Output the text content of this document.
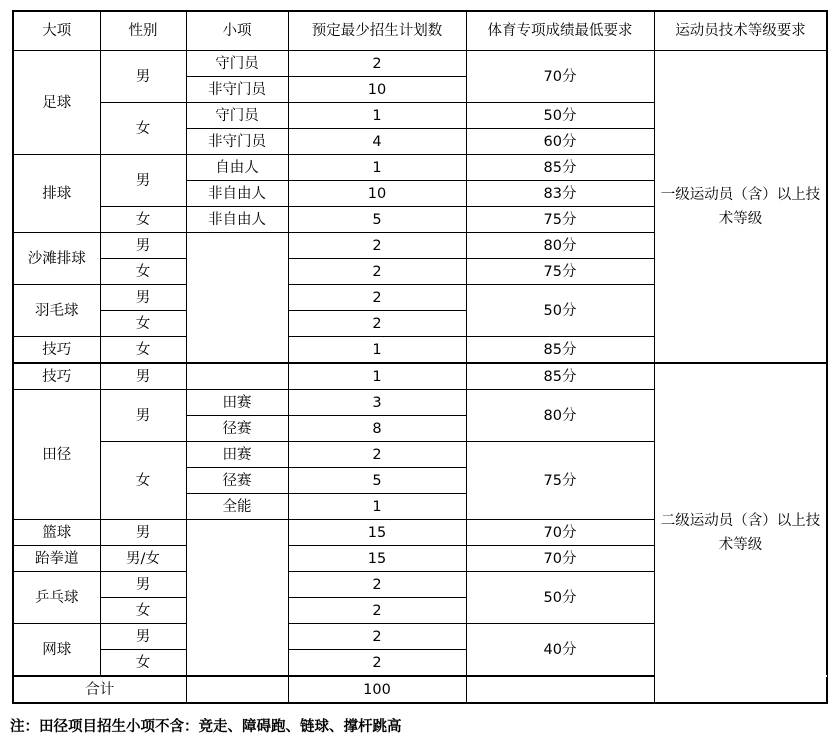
大项	性别	小项	预定最少招生计划数	体育专项成绩最低要求	运动员技术等级要求	
足球	男	守门员	2	70分	一级运动员（含）以上技术等级	
		非守门员	10			
	女	守门员	1	50分		
		非守门员	4	60分		
排球	男	自由人	1	85分		
		非自由人	10	83分		
	女	非自由人	5	75分		
沙滩排球	男		2	80分		
	女		2	75分		
羽毛球	男		2	50分		
	女		2			
技巧	女		1	85分		
技巧	男		1	85分	二级运动员（含）以上技术等级	
田径	男	田赛	3	80分		
		径赛	8			
	女	田赛	2	75分		
		径赛	5			
		全能	1			
篮球	男		15	70分		
跆拳道	男/女		15	70分		
乒乓球	男		2	50分		
	女		2			
网球	男		2	40分		
	女		2			
合计			100			
注：田径项目招生小项不含：竞走、障碍跑、链球、撑杆跳高
